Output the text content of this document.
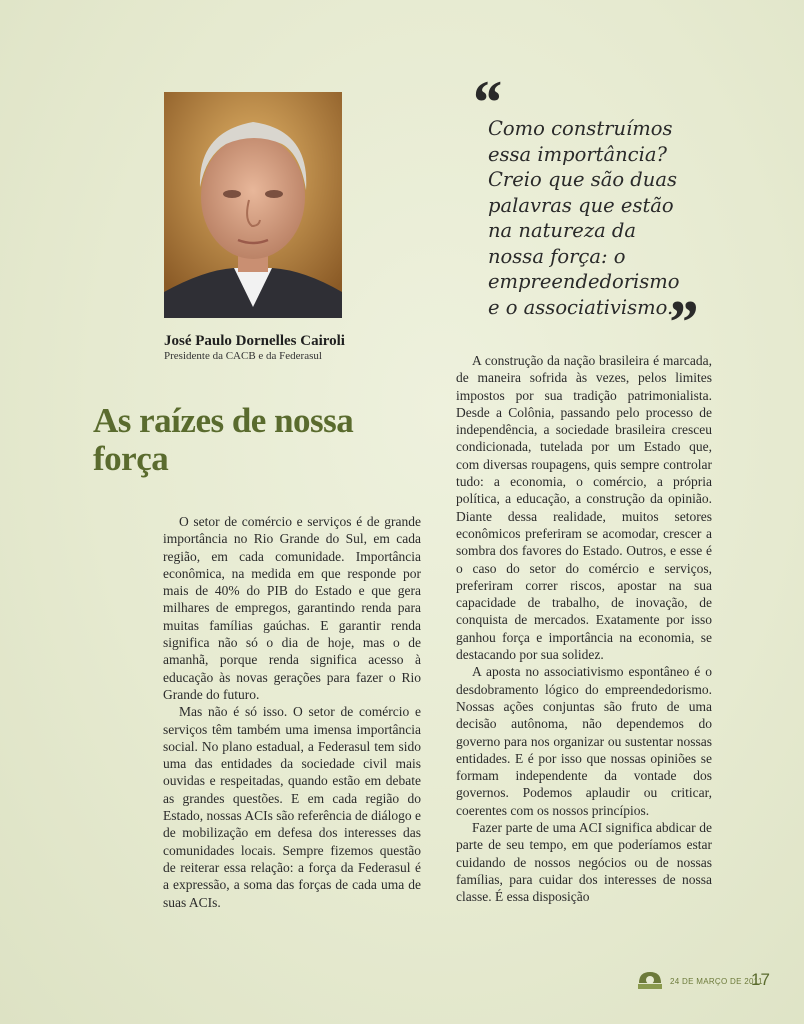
José Paulo Dornelles Cairoli
Presidente da CACB e da Federasul
As raízes de nossa força
“

Como construímos essa importância? Creio que são duas palavras que estão na natureza da nossa força: o empreendedorismo e o associativismo.

”

O setor de comércio e serviços é de grande importância no Rio Grande do Sul, em cada região, em cada comunidade. Importância econômica, na medida em que responde por mais de 40% do PIB do Estado e que gera milhares de empregos, garantindo renda para muitas famílias gaúchas. E garantir renda significa não só o dia de hoje, mas o de amanhã, porque renda significa acesso à educação às novas gerações para fazer o Rio Grande do futuro.

Mas não é só isso. O setor de comércio e serviços têm também uma imensa importância social. No plano estadual, a Federasul tem sido uma das entidades da sociedade civil mais ouvidas e respeitadas, quando estão em debate as grandes questões. E em cada região do Estado, nossas ACIs são referência de diálogo e de mobilização em defesa dos interesses das comunidades locais. Sempre fizemos questão de reiterar essa relação: a força da Federasul é a expressão, a soma das forças de cada uma de suas ACIs.

A construção da nação brasileira é marcada, de maneira sofrida às vezes, pelos limites impostos por sua tradição patrimonialista. Desde a Colônia, passando pelo processo de independência, a sociedade brasileira cresceu condicionada, tutelada por um Estado que, com diversas roupagens, quis sempre controlar tudo: a economia, o comércio, a própria política, a educação, a construção da opinião. Diante dessa realidade, muitos setores econômicos preferiram se acomodar, crescer a sombra dos favores do Estado. Outros, e esse é o caso do setor do comércio e serviços, preferiram correr riscos, apostar na sua capacidade de trabalho, de inovação, de conquista de mercados. Exatamente por isso ganhou força e importância na economia, se destacando por sua solidez.

A aposta no associativismo espontâneo é o desdobramento lógico do empreendedorismo. Nossas ações conjuntas são fruto de uma decisão autônoma, não dependemos do governo para nos organizar ou sustentar nossas entidades. E é por isso que nossas opiniões se formam independente da vontade dos governos. Podemos aplaudir ou criticar, coerentes com os nossos princípios.

Fazer parte de uma ACI significa abdicar de parte de seu tempo, em que poderíamos estar cuidando de nossos negócios ou de nossas famílias, para cuidar dos interesses de nossa classe. É essa disposição

24 DE MARÇO DE 2011
17
